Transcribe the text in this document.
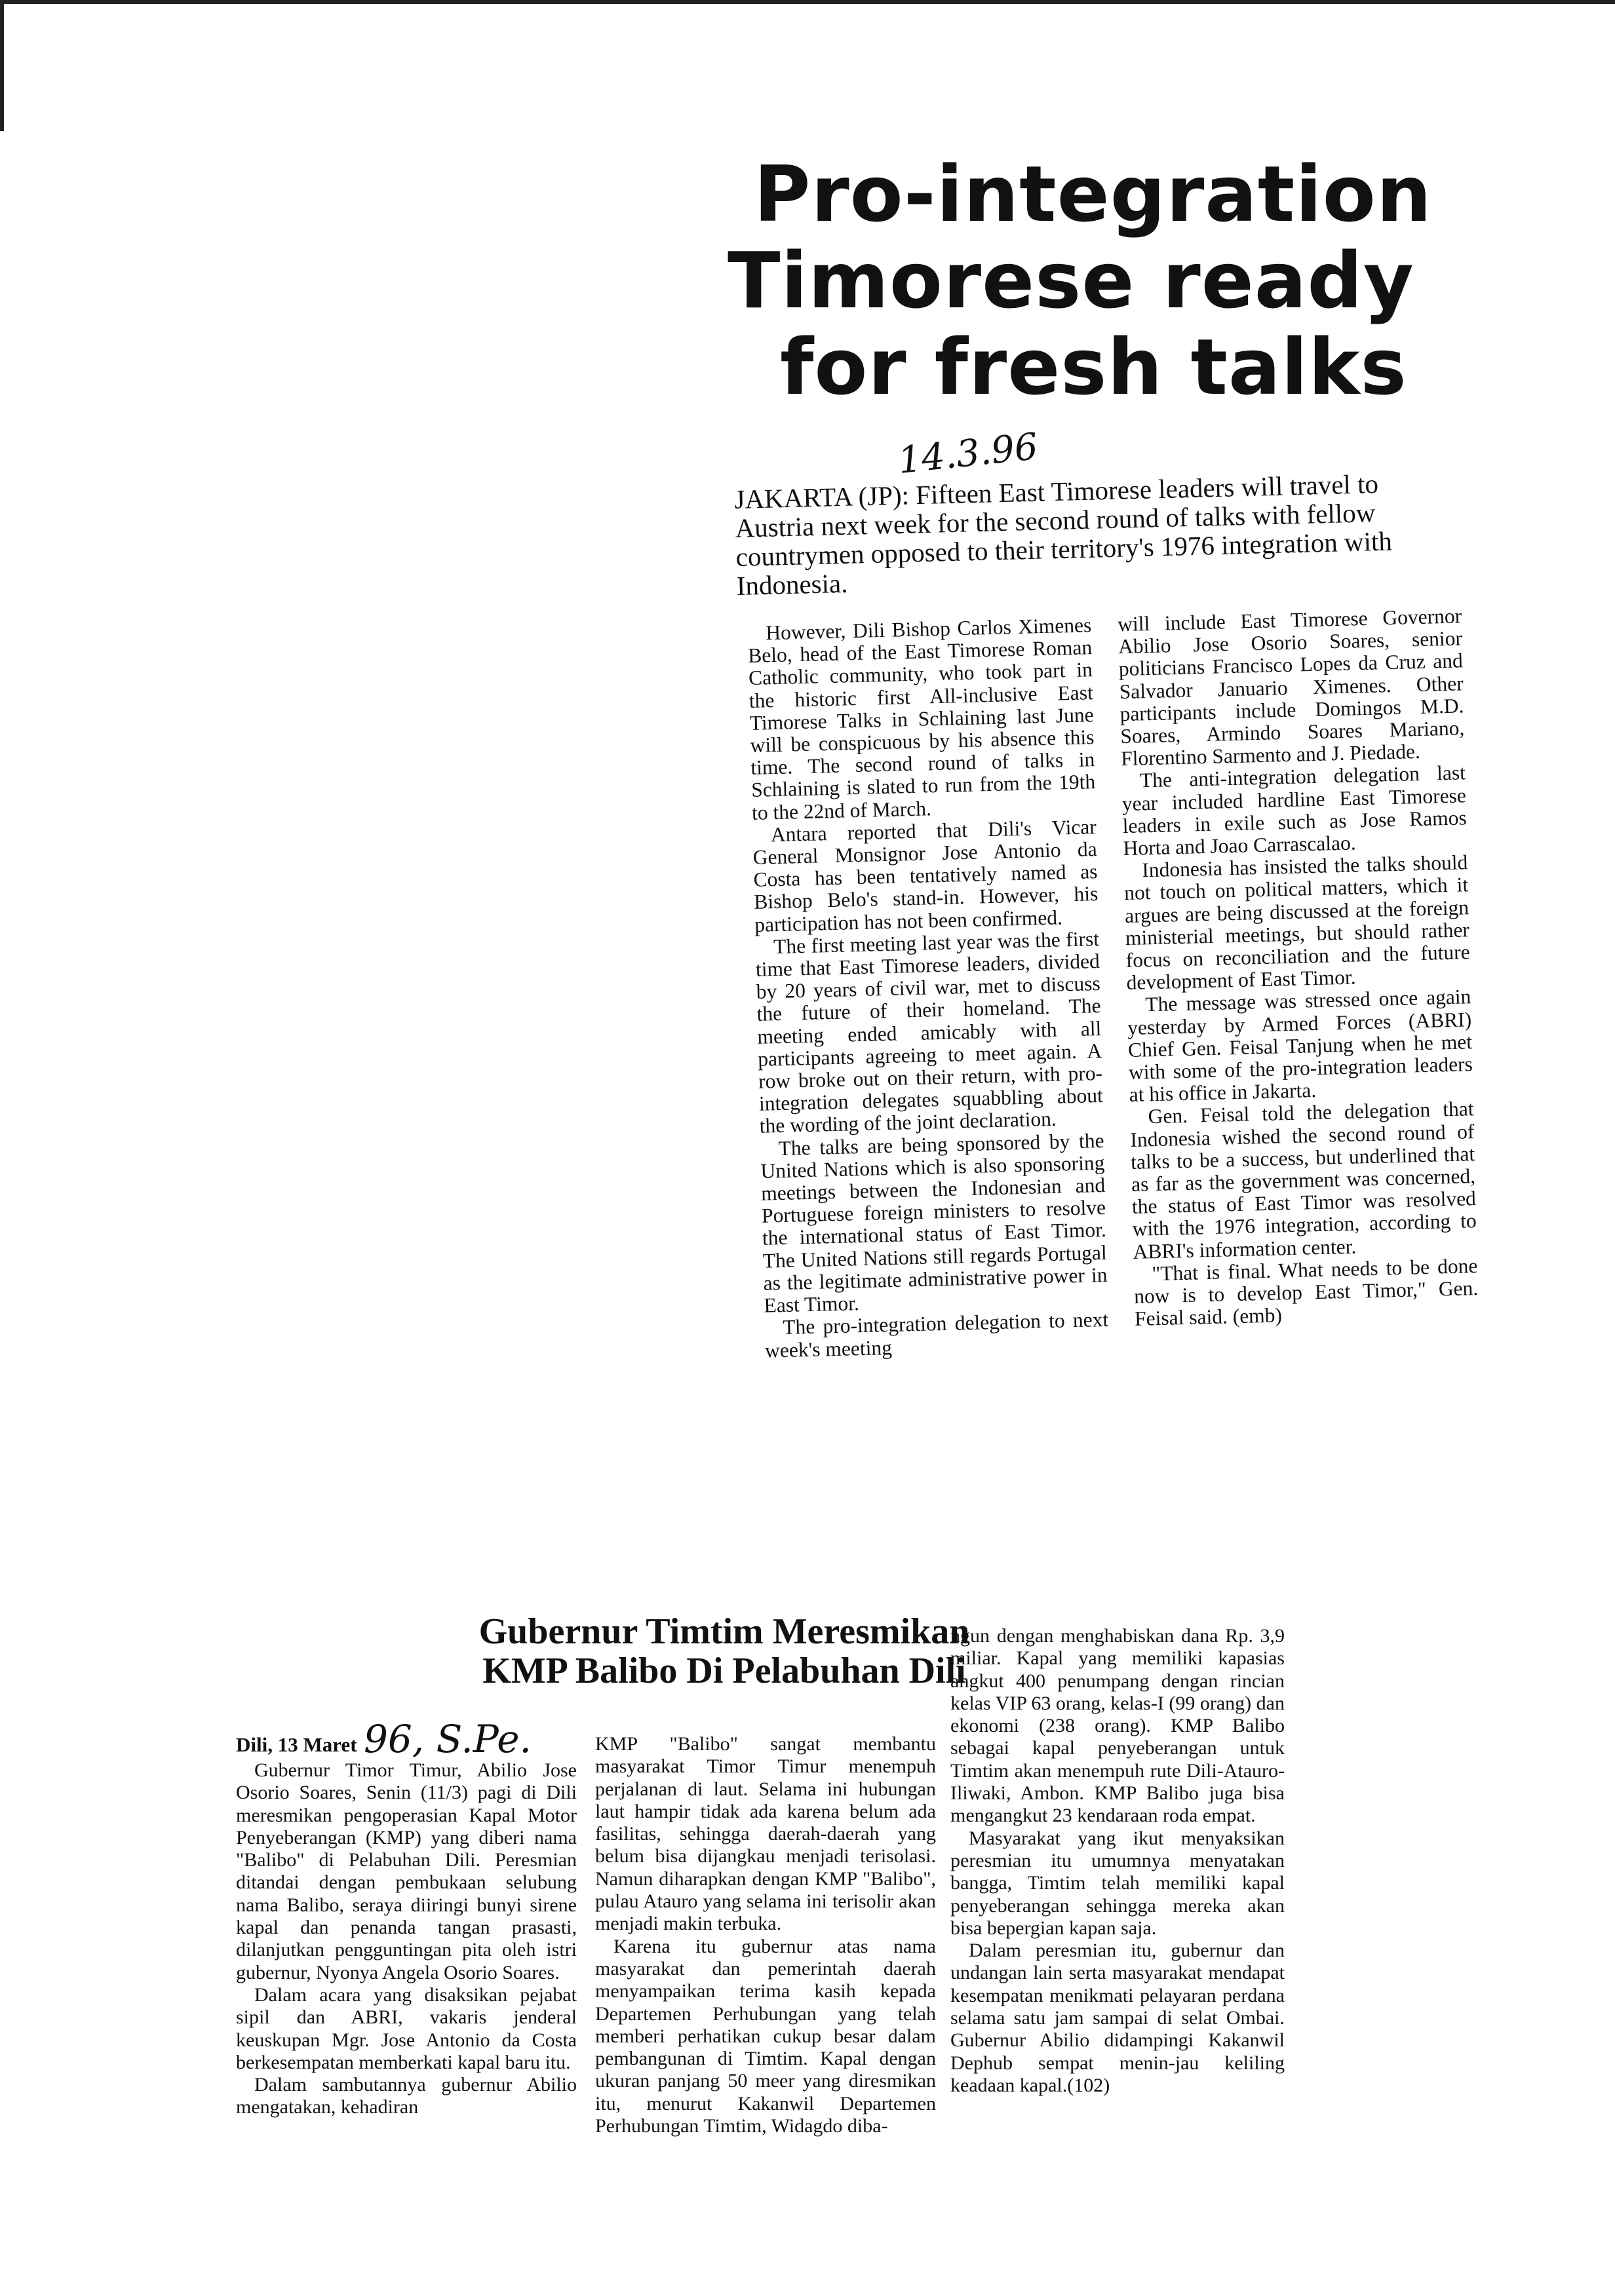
Pro-integration
Timorese ready
for fresh talks
14.3.96
JAKARTA (JP): Fifteen East Timorese leaders will travel to Austria next week for the second round of talks with fellow countrymen opposed to their territory's 1976 integration with Indonesia.

However, Dili Bishop Carlos Ximenes Belo, head of the East Timorese Roman Catholic community, who took part in the historic first All-inclusive East Timorese Talks in Schlaining last June will be conspicuous by his absence this time. The second round of talks in Schlaining is slated to run from the 19th to the 22nd of March.

Antara reported that Dili's Vicar General Monsignor Jose Antonio da Costa has been tentatively named as Bishop Belo's stand-in. However, his participation has not been confirmed.

The first meeting last year was the first time that East Timorese leaders, divided by 20 years of civil war, met to discuss the future of their homeland. The meeting ended amicably with all participants agreeing to meet again. A row broke out on their return, with pro-integration delegates squabbling about the wording of the joint declaration.

The talks are being sponsored by the United Nations which is also sponsoring meetings between the Indonesian and Portuguese foreign ministers to resolve the international status of East Timor. The United Nations still regards Portugal as the legitimate administrative power in East Timor.

The pro-integration delegation to next week's meeting

will include East Timorese Governor Abilio Jose Osorio Soares, senior politicians Francisco Lopes da Cruz and Salvador Januario Ximenes. Other participants include Domingos M.D. Soares, Armindo Soares Mariano, Florentino Sarmento and J. Piedade.

The anti-integration delegation last year included hardline East Timorese leaders in exile such as Jose Ramos Horta and Joao Carrascalao.

Indonesia has insisted the talks should not touch on political matters, which it argues are being discussed at the foreign ministerial meetings, but should rather focus on reconciliation and the future development of East Timor.

The message was stressed once again yesterday by Armed Forces (ABRI) Chief Gen. Feisal Tanjung when he met with some of the pro-integration leaders at his office in Jakarta.

Gen. Feisal told the delegation that Indonesia wished the second round of talks to be a success, but underlined that as far as the government was concerned, the status of East Timor was resolved with the 1976 integration, according to ABRI's information center.

"That is final. What needs to be done now is to develop East Timor," Gen. Feisal said. (emb)

Gubernur Timtim Meresmikan
KMP Balibo Di Pelabuhan Dili
Dili, 13 Maret 96, S.Pe.

Gubernur Timor Timur, Abilio Jose Osorio Soares, Senin (11/3) pagi di Dili meresmikan pengoperasian Kapal Motor Penyeberangan (KMP) yang diberi nama "Balibo" di Pelabuhan Dili. Peresmian ditandai dengan pembukaan selubung nama Balibo, seraya diiringi bunyi sirene kapal dan penanda tangan prasasti, dilanjutkan pengguntingan pita oleh istri gubernur, Nyonya Angela Osorio Soares.

Dalam acara yang disaksikan pejabat sipil dan ABRI, vakaris jenderal keuskupan Mgr. Jose Antonio da Costa berkesempatan memberkati kapal baru itu.

Dalam sambutannya gubernur Abilio mengatakan, kehadiran

KMP "Balibo" sangat membantu masyarakat Timor Timur menempuh perjalanan di laut. Selama ini hubungan laut hampir tidak ada karena belum ada fasilitas, sehingga daerah-daerah yang belum bisa dijangkau menjadi terisolasi. Namun diharapkan dengan KMP "Balibo", pulau Atauro yang selama ini terisolir akan menjadi makin terbuka.

Karena itu gubernur atas nama masyarakat dan pemerintah daerah menyampaikan terima kasih kepada Departemen Perhubungan yang telah memberi perhatikan cukup besar dalam pembangunan di Timtim. Kapal dengan ukuran panjang 50 meer yang diresmikan itu, menurut Kakanwil Departemen Perhubungan Timtim, Widagdo diba-

ngun dengan menghabiskan dana Rp. 3,9 miliar. Kapal yang memiliki kapasias angkut 400 penumpang dengan rincian kelas VIP 63 orang, kelas-I (99 orang) dan ekonomi (238 orang). KMP Balibo sebagai kapal penyeberangan untuk Timtim akan menempuh rute Dili-Atauro- Iliwaki, Ambon. KMP Balibo juga bisa mengangkut 23 kendaraan roda empat.

Masyarakat yang ikut menyaksikan peresmian itu umumnya menyatakan bangga, Timtim telah memiliki kapal penyeberangan sehingga mereka akan bisa bepergian kapan saja.

Dalam peresmian itu, gubernur dan undangan lain serta masyarakat mendapat kesempatan menikmati pelayaran perdana selama satu jam sampai di selat Ombai. Gubernur Abilio didampingi Kakanwil Dephub sempat menin-jau keliling keadaan kapal.(102)
